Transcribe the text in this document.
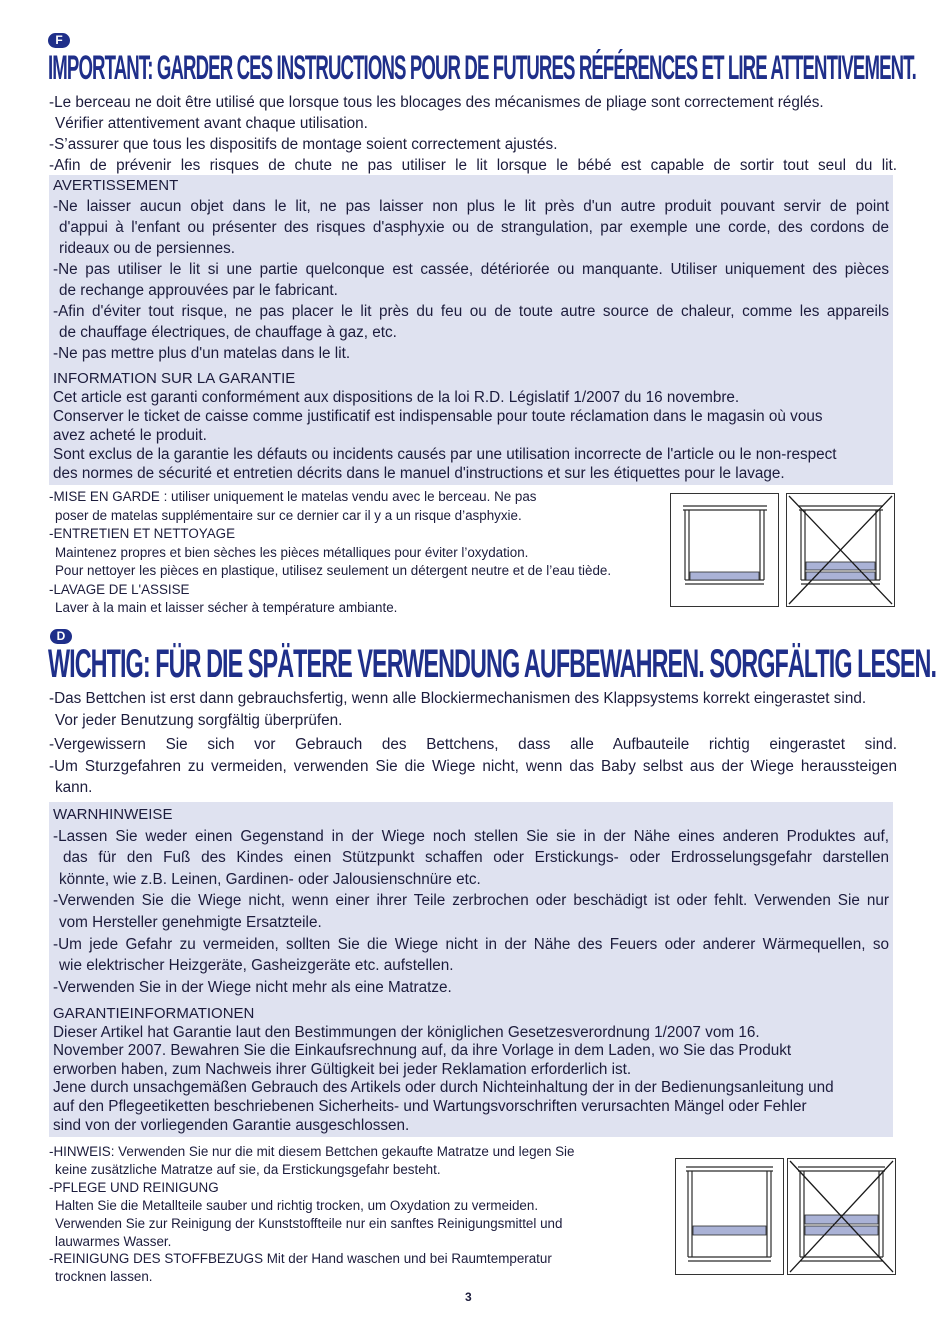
F
IMPORTANT: GARDER CES INSTRUCTIONS POUR DE FUTURES RÉFÉRENCES ET LIRE ATTENTIVEMENT.

-Le berceau ne doit être utilisé que lorsque tous les blocages des mécanismes de pliage sont correctement réglés.

Vérifier attentivement avant chaque utilisation.

-S’assurer que tous les dispositifs de montage soient correctement ajustés.

-Afin de prévenir les risques de chute ne pas utiliser le lit lorsque le bébé est capable de sortir tout seul du lit.

AVERTISSEMENT

-Ne laisser aucun objet dans le lit, ne pas laisser non plus le lit près d'un autre produit pouvant servir de point

d'appui à l'enfant ou présenter des risques d'asphyxie ou de strangulation, par exemple une corde, des cordons de

rideaux ou de persiennes.

-Ne pas utiliser le lit si une partie quelconque est cassée, détériorée ou manquante. Utiliser uniquement des pièces

de rechange approuvées par le fabricant.

-Afin d'éviter tout risque, ne pas placer le lit près du feu ou de toute autre source de chaleur, comme les appareils

de chauffage électriques, de chauffage à gaz, etc.

-Ne pas mettre plus d'un matelas dans le lit.

INFORMATION SUR LA GARANTIE

Cet article est garanti conformément aux dispositions de la loi R.D. Législatif 1/2007 du 16 novembre.

Conserver le ticket de caisse comme justificatif est indispensable pour toute réclamation dans le magasin où vous

avez acheté le produit.

Sont exclus de la garantie les défauts ou incidents causés par une utilisation incorrecte de l'article ou le non-respect

des normes de sécurité et entretien décrits dans le manuel d'instructions et sur les étiquettes pour le lavage.

-MISE EN GARDE : utiliser uniquement le matelas vendu avec le berceau. Ne pas

poser de matelas supplémentaire sur ce dernier car il y a un risque d’asphyxie.

-ENTRETIEN ET NETTOYAGE

Maintenez propres et bien sèches les pièces métalliques pour éviter l’oxydation.

Pour nettoyer les pièces en plastique, utilisez seulement un détergent neutre et de l’eau tiède.

-LAVAGE DE L'ASSISE

Laver à la main et laisser sécher à température ambiante.

D
WICHTIG: FÜR DIE SPÄTERE VERWENDUNG AUFBEWAHREN. SORGFÄLTIG LESEN.

-Das Bettchen ist erst dann gebrauchsfertig, wenn alle Blockiermechanismen des Klappsystems korrekt eingerastet sind.

Vor jeder Benutzung sorgfältig überprüfen.

-Vergewissern Sie sich vor Gebrauch des Bettchens, dass alle Aufbauteile richtig eingerastet sind.

-Um Sturzgefahren zu vermeiden, verwenden Sie die Wiege nicht, wenn das Baby selbst aus der Wiege heraussteigen

kann.

WARNHINWEISE

-Lassen Sie weder einen Gegenstand in der Wiege noch stellen Sie sie in der Nähe eines anderen Produktes auf,

das für den Fuß des Kindes einen Stützpunkt schaffen oder Erstickungs- oder Erdrosselungsgefahr darstellen

könnte, wie z.B. Leinen, Gardinen- oder Jalousienschnüre etc.

-Verwenden Sie die Wiege nicht, wenn einer ihrer Teile zerbrochen oder beschädigt ist oder fehlt. Verwenden Sie nur

vom Hersteller genehmigte Ersatzteile.

-Um jede Gefahr zu vermeiden, sollten Sie die Wiege nicht in der Nähe des Feuers oder anderer Wärmequellen, so

wie elektrischer Heizgeräte, Gasheizgeräte etc. aufstellen.

-Verwenden Sie in der Wiege nicht mehr als eine Matratze.

GARANTIEINFORMATIONEN

Dieser Artikel hat Garantie laut den Bestimmungen der königlichen Gesetzesverordnung 1/2007 vom 16.

November 2007. Bewahren Sie die Einkaufsrechnung auf, da ihre Vorlage in dem Laden, wo Sie das Produkt

erworben haben, zum Nachweis ihrer Gültigkeit bei jeder Reklamation erforderlich ist.

Jene durch unsachgemäßen Gebrauch des Artikels oder durch Nichteinhaltung der in der Bedienungsanleitung und

auf den Pflegeetiketten beschriebenen Sicherheits- und Wartungsvorschriften verursachten Mängel oder Fehler

sind von der vorliegenden Garantie ausgeschlossen.

-HINWEIS: Verwenden Sie nur die mit diesem Bettchen gekaufte Matratze und legen Sie

keine zusätzliche Matratze auf sie, da Erstickungsgefahr besteht.

-PFLEGE UND REINIGUNG

Halten Sie die Metallteile sauber und richtig trocken, um Oxydation zu vermeiden.

Verwenden Sie zur Reinigung der Kunststoffteile nur ein sanftes Reinigungsmittel und

lauwarmes Wasser.

-REINIGUNG DES STOFFBEZUGS Mit der Hand waschen und bei Raumtemperatur

trocknen lassen.

3
